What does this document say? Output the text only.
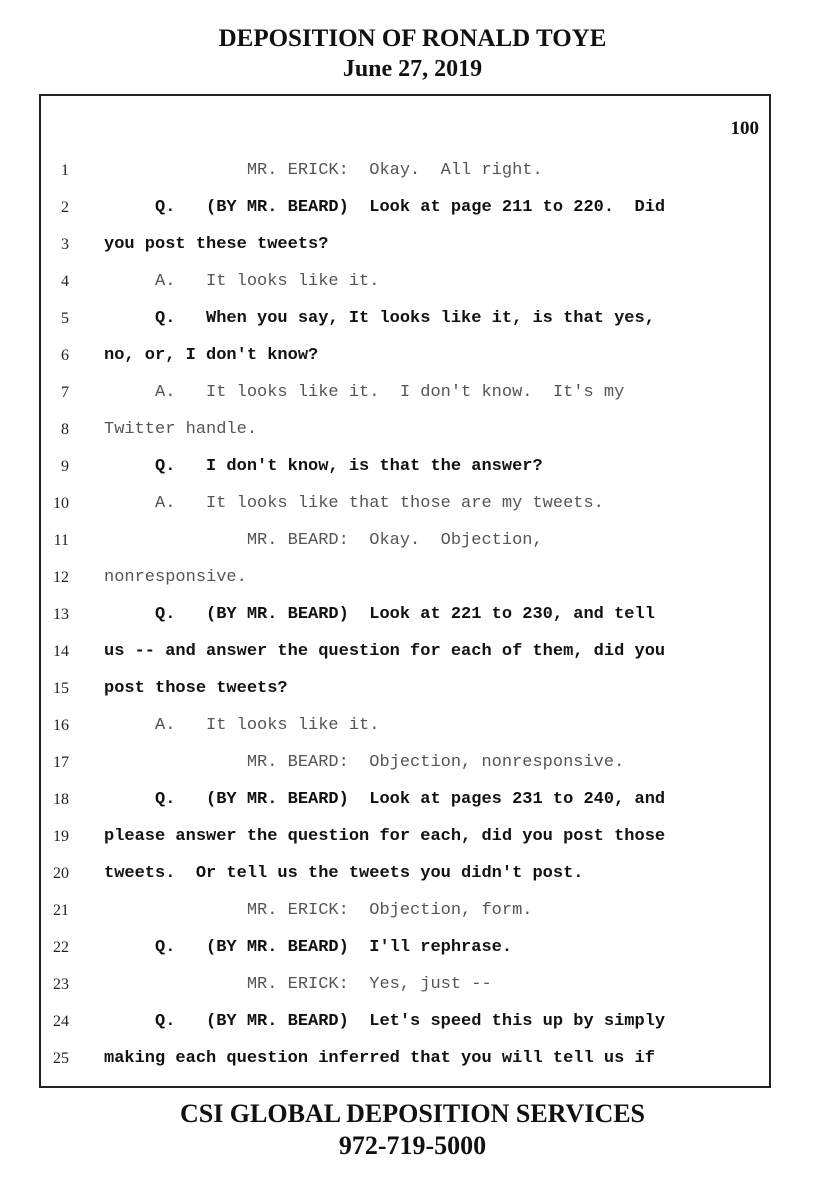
DEPOSITION OF RONALD TOYE
June 27, 2019
100
1 MR. ERICK:  Okay.  All right.
2 Q.   (BY MR. BEARD)  Look at page 211 to 220.  Did
3 you post these tweets?
4 A.   It looks like it.
5 Q.   When you say, It looks like it, is that yes,
6 no, or, I don't know?
7 A.   It looks like it.  I don't know.  It's my
8 Twitter handle.
9 Q.   I don't know, is that the answer?
10 A.   It looks like that those are my tweets.
11 MR. BEARD:  Okay.  Objection,
12 nonresponsive.
13 Q.   (BY MR. BEARD)  Look at 221 to 230, and tell
14 us -- and answer the question for each of them, did you
15 post those tweets?
16 A.   It looks like it.
17 MR. BEARD:  Objection, nonresponsive.
18 Q.   (BY MR. BEARD)  Look at pages 231 to 240, and
19 please answer the question for each, did you post those
20 tweets.  Or tell us the tweets you didn't post.
21 MR. ERICK:  Objection, form.
22 Q.   (BY MR. BEARD)  I'll rephrase.
23 MR. ERICK:  Yes, just --
24 Q.   (BY MR. BEARD)  Let's speed this up by simply
25 making each question inferred that you will tell us if
CSI GLOBAL DEPOSITION SERVICES
972-719-5000
